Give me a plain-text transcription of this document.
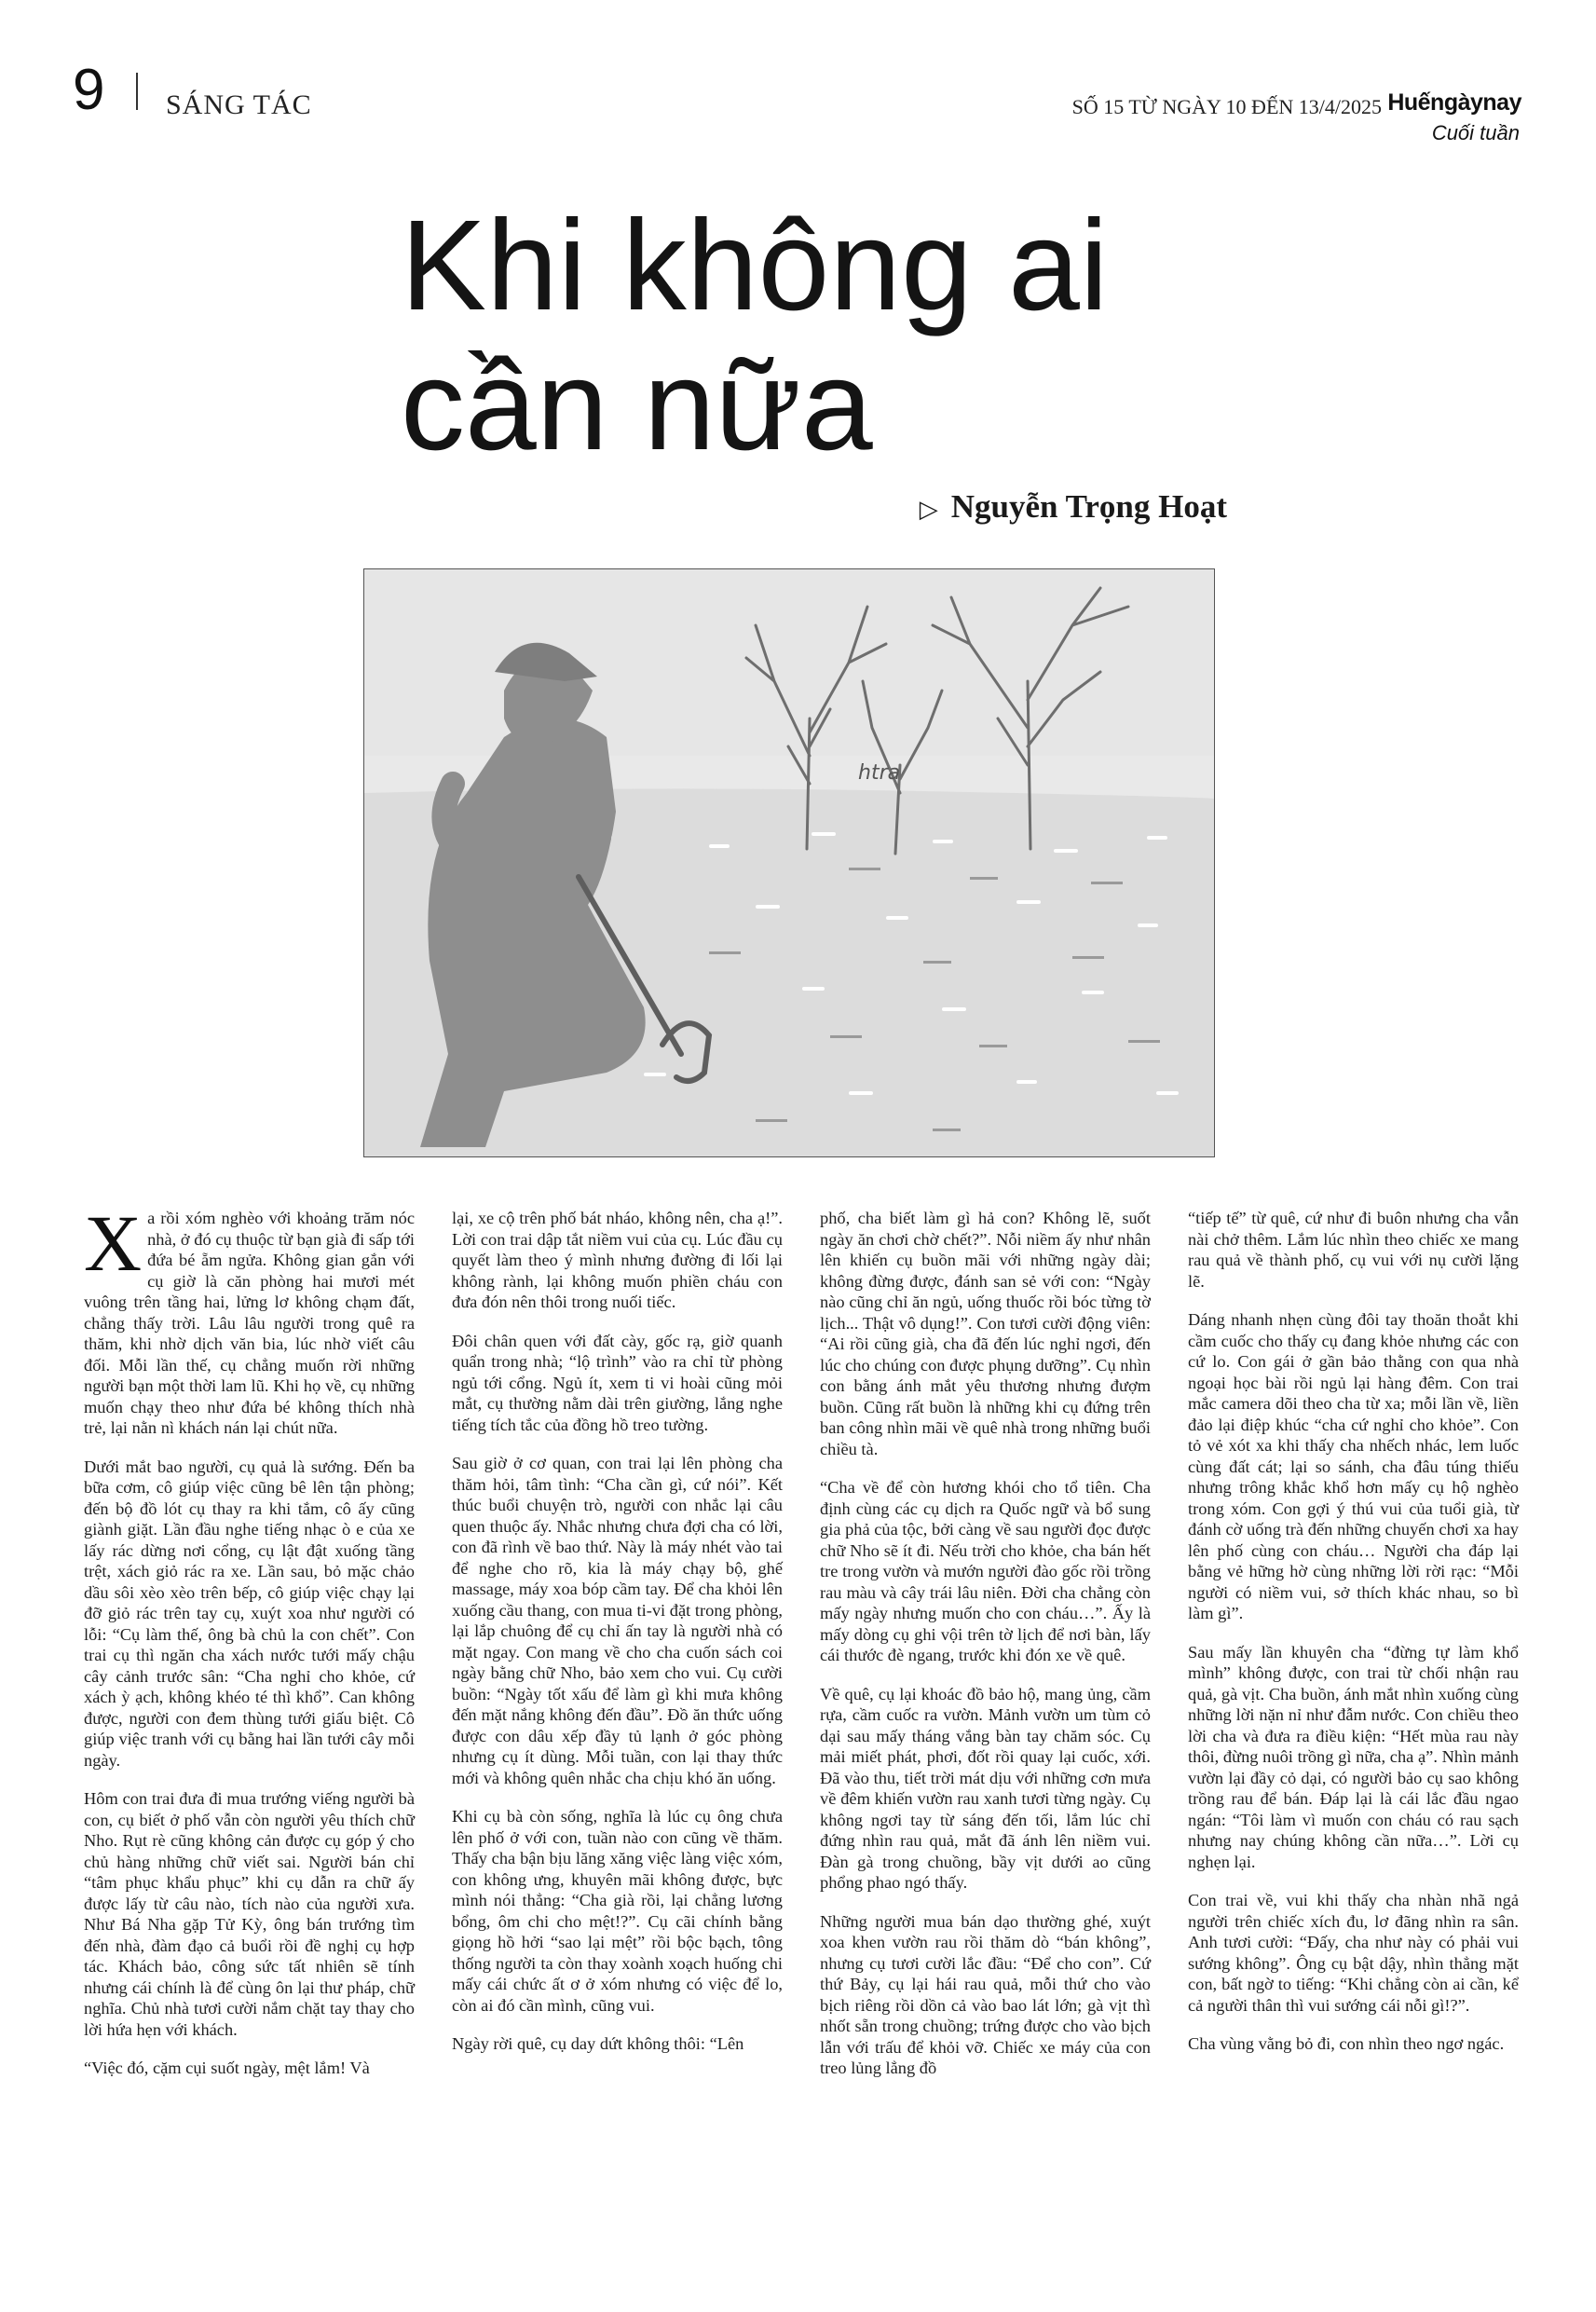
9 SÁNG TÁC	SỐ 15 TỪ NGÀY 10 ĐẾN 13/4/2025 Huếngàynay
Cuối tuần
Khi không ai
cần nữa
▷ Nguyễn Trọng Hoạt
htra

Xa rồi xóm nghèo với khoảng trăm nóc nhà, ở đó cụ thuộc từ bạn già đi sấp tới đứa bé ẵm ngửa. Không gian gắn với cụ giờ là căn phòng hai mươi mét vuông trên tầng hai, lửng lơ không chạm đất, chẳng thấy trời. Lâu lâu người trong quê ra thăm, khi nhờ dịch văn bia, lúc nhờ viết câu đối. Mỗi lần thế, cụ chẳng muốn rời những người bạn một thời lam lũ. Khi họ về, cụ những muốn chạy theo như đứa bé không thích nhà trẻ, lại nằn nì khách nán lại chút nữa.

Dưới mắt bao người, cụ quả là sướng. Đến ba bữa cơm, cô giúp việc cũng bê lên tận phòng; đến bộ đồ lót cụ thay ra khi tắm, cô ấy cũng giành giặt. Lần đầu nghe tiếng nhạc ò e của xe lấy rác dừng nơi cổng, cụ lật đật xuống tầng trệt, xách giỏ rác ra xe. Lần sau, bỏ mặc chảo dầu sôi xèo xèo trên bếp, cô giúp việc chạy lại đỡ giỏ rác trên tay cụ, xuýt xoa như người có lỗi: “Cụ làm thế, ông bà chủ la con chết”. Con trai cụ thì ngăn cha xách nước tưới mấy chậu cây cảnh trước sân: “Cha nghỉ cho khỏe, cứ xách ỳ ạch, không khéo té thì khổ”. Can không được, người con đem thùng tưới giấu biệt. Cô giúp việc tranh với cụ bằng hai lần tưới cây mỗi ngày.

Hôm con trai đưa đi mua trướng viếng người bà con, cụ biết ở phố vẫn còn người yêu thích chữ Nho. Rụt rè cũng không cản được cụ góp ý cho chủ hàng những chữ viết sai. Người bán chỉ “tâm phục khẩu phục” khi cụ dẫn ra chữ ấy được lấy từ câu nào, tích nào của người xưa. Như Bá Nha gặp Tử Kỳ, ông bán trướng tìm đến nhà, đàm đạo cả buổi rồi đề nghị cụ hợp tác. Khách bảo, công sức tất nhiên sẽ tính nhưng cái chính là để cùng ôn lại thư pháp, chữ nghĩa. Chủ nhà tươi cười nắm chặt tay thay cho lời hứa hẹn với khách.

“Việc đó, cặm cụi suốt ngày, mệt lắm! Và

lại, xe cộ trên phố bát nháo, không nên, cha ạ!”. Lời con trai dập tắt niềm vui của cụ. Lúc đầu cụ quyết làm theo ý mình nhưng đường đi lối lại không rành, lại không muốn phiền cháu con đưa đón nên thôi trong nuối tiếc.

Đôi chân quen với đất cày, gốc rạ, giờ quanh quẩn trong nhà; “lộ trình” vào ra chỉ từ phòng ngủ tới cổng. Ngủ ít, xem ti vi hoài cũng mỏi mắt, cụ thường nằm dài trên giường, lắng nghe tiếng tích tắc của đồng hồ treo tường.

Sau giờ ở cơ quan, con trai lại lên phòng cha thăm hỏi, tâm tình: “Cha cần gì, cứ nói”. Kết thúc buổi chuyện trò, người con nhắc lại câu quen thuộc ấy. Nhắc nhưng chưa đợi cha có lời, con đã rình về bao thứ. Này là máy nhét vào tai để nghe cho rõ, kia là máy chạy bộ, ghế massage, máy xoa bóp cầm tay. Để cha khỏi lên xuống cầu thang, con mua ti-vi đặt trong phòng, lại lắp chuông để cụ chỉ ấn tay là người nhà có mặt ngay. Con mang về cho cha cuốn sách coi ngày bằng chữ Nho, bảo xem cho vui. Cụ cười buồn: “Ngày tốt xấu để làm gì khi mưa không đến mặt nắng không đến đầu”. Đồ ăn thức uống được con dâu xếp đầy tủ lạnh ở góc phòng nhưng cụ ít dùng. Mỗi tuần, con lại thay thức mới và không quên nhắc cha chịu khó ăn uống.

Khi cụ bà còn sống, nghĩa là lúc cụ ông chưa lên phố ở với con, tuần nào con cũng về thăm. Thấy cha bận bịu lăng xăng việc làng việc xóm, con không ưng, khuyên mãi không được, bực mình nói thẳng: “Cha già rồi, lại chẳng lương bổng, ôm chi cho mệt!?”. Cụ cãi chính bằng giọng hồ hởi “sao lại mệt” rồi bộc bạch, tông thống người ta còn thay xoành xoạch huống chi mấy cái chức ất ơ ở xóm nhưng có việc để lo, còn ai đó cần mình, cũng vui.

Ngày rời quê, cụ day dứt không thôi: “Lên

phố, cha biết làm gì hả con? Không lẽ, suốt ngày ăn chơi chờ chết?”. Nỗi niềm ấy như nhân lên khiến cụ buồn mãi với những ngày dài; không đừng được, đánh san sẻ với con: “Ngày nào cũng chỉ ăn ngủ, uống thuốc rồi bóc từng tờ lịch... Thật vô dụng!”. Con tươi cười động viên: “Ai rồi cũng già, cha đã đến lúc nghỉ ngơi, đến lúc cho chúng con được phụng dưỡng”. Cụ nhìn con bằng ánh mắt yêu thương nhưng đượm buồn. Cũng rất buồn là những khi cụ đứng trên ban công nhìn mãi về quê nhà trong những buổi chiều tà.

“Cha về để còn hương khói cho tổ tiên. Cha định cùng các cụ dịch ra Quốc ngữ và bổ sung gia phả của tộc, bởi càng về sau người đọc được chữ Nho sẽ ít đi. Nếu trời cho khỏe, cha bán hết tre trong vườn và mướn người đào gốc rồi trồng rau màu và cây trái lâu niên. Đời cha chẳng còn mấy ngày nhưng muốn cho con cháu…”. Ấy là mấy dòng cụ ghi vội trên tờ lịch để nơi bàn, lấy cái thước đè ngang, trước khi đón xe về quê.

Về quê, cụ lại khoác đồ bảo hộ, mang ủng, cầm rựa, cầm cuốc ra vườn. Mảnh vườn um tùm cỏ dại sau mấy tháng vắng bàn tay chăm sóc. Cụ mải miết phát, phơi, đốt rồi quay lại cuốc, xới. Đã vào thu, tiết trời mát dịu với những cơn mưa về đêm khiến vườn rau xanh tươi từng ngày. Cụ không ngơi tay từ sáng đến tối, lắm lúc chỉ đứng nhìn rau quả, mắt đã ánh lên niềm vui. Đàn gà trong chuồng, bầy vịt dưới ao cũng phổng phao ngó thấy.

Những người mua bán dạo thường ghé, xuýt xoa khen vườn rau rồi thăm dò “bán không”, nhưng cụ tươi cười lắc đầu: “Để cho con”. Cứ thứ Bảy, cụ lại hái rau quả, mỗi thứ cho vào bịch riêng rồi dồn cả vào bao lát lớn; gà vịt thì nhốt sẵn trong chuồng; trứng được cho vào bịch lẫn với trấu để khỏi vỡ. Chiếc xe máy của con treo lủng lẳng đồ

“tiếp tế” từ quê, cứ như đi buôn nhưng cha vẫn nài chở thêm. Lắm lúc nhìn theo chiếc xe mang rau quả về thành phố, cụ vui với nụ cười lặng lẽ.

Dáng nhanh nhẹn cùng đôi tay thoăn thoắt khi cầm cuốc cho thấy cụ đang khỏe nhưng các con cứ lo. Con gái ở gần bảo thằng con qua nhà ngoại học bài rồi ngủ lại hàng đêm. Con trai mắc camera dõi theo cha từ xa; mỗi lần về, liền đảo lại điệp khúc “cha cứ nghỉ cho khỏe”. Con tỏ vẻ xót xa khi thấy cha nhếch nhác, lem luốc cùng đất cát; lại so sánh, cha đâu túng thiếu nhưng trông khắc khổ hơn mấy cụ hộ nghèo trong xóm. Con gợi ý thú vui của tuổi già, từ đánh cờ uống trà đến những chuyến chơi xa hay lên phố cùng con cháu… Người cha đáp lại bằng vẻ hững hờ cùng những lời rời rạc: “Mỗi người có niềm vui, sở thích khác nhau, so bì làm gì”.

Sau mấy lần khuyên cha “đừng tự làm khổ mình” không được, con trai từ chối nhận rau quả, gà vịt. Cha buồn, ánh mắt nhìn xuống cùng những lời nặn nỉ như đẫm nước. Con chiều theo lời cha và đưa ra điều kiện: “Hết mùa rau này thôi, đừng nuôi trồng gì nữa, cha ạ”. Nhìn mảnh vườn lại đầy cỏ dại, có người bảo cụ sao không trồng rau để bán. Đáp lại là cái lắc đầu ngao ngán: “Tôi làm vì muốn con cháu có rau sạch nhưng nay chúng không cần nữa…”. Lời cụ nghẹn lại.

Con trai về, vui khi thấy cha nhàn nhã ngả người trên chiếc xích đu, lơ đãng nhìn ra sân. Anh tươi cười: “Đấy, cha như này có phải vui sướng không”. Ông cụ bật dậy, nhìn thẳng mặt con, bất ngờ to tiếng: “Khi chẳng còn ai cần, kể cả người thân thì vui sướng cái nỗi gì!?”.

Cha vùng vằng bỏ đi, con nhìn theo ngơ ngác.
